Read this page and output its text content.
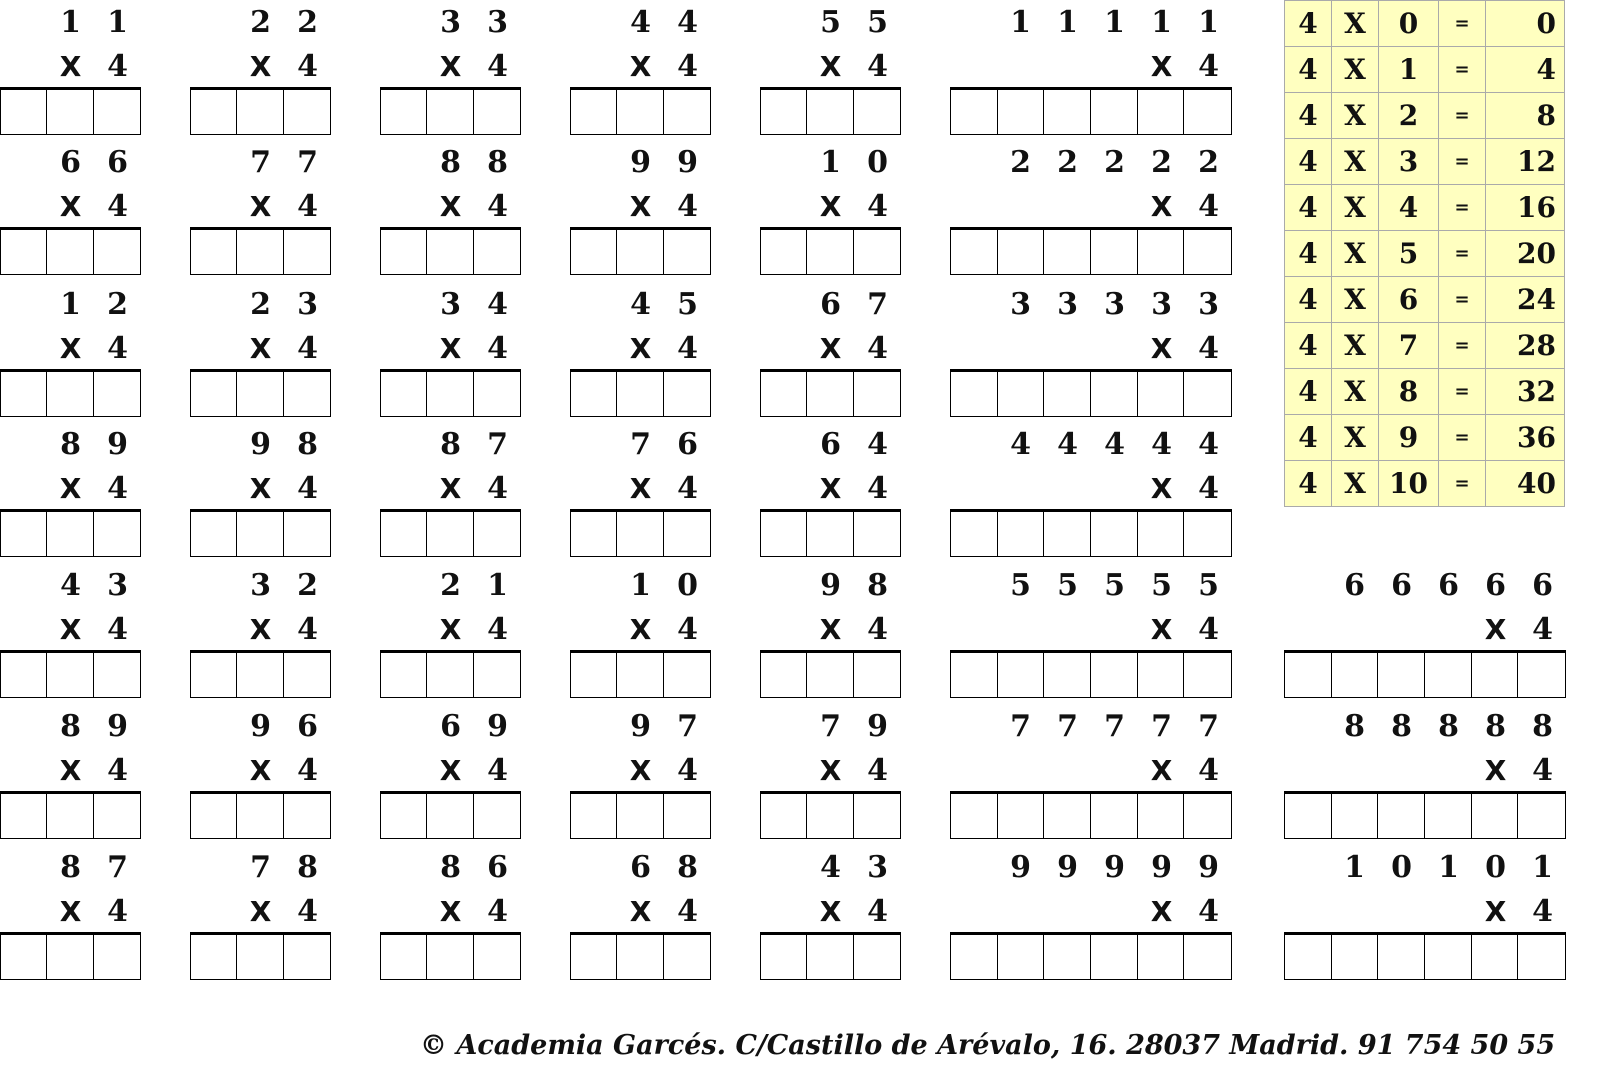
4	X	0	=	0
4	X	1	=	4
4	X	2	=	8
4	X	3	=	12
4	X	4	=	16
4	X	5	=	20
4	X	6	=	24
4	X	7	=	28
4	X	8	=	32
4	X	9	=	36
4	X	10	=	40
© Academia Garcés. C/Castillo de Arévalo, 16. 28037 Madrid. 91 754 50 55
1 1
X 4
2 2
X 4
3 3
X 4
4 4
X 4
5 5
X 4
1 1 1 1 1
X 4
6 6
X 4
7 7
X 4
8 8
X 4
9 9
X 4
1 0
X 4
2 2 2 2 2
X 4
1 2
X 4
2 3
X 4
3 4
X 4
4 5
X 4
6 7
X 4
3 3 3 3 3
X 4
8 9
X 4
9 8
X 4
8 7
X 4
7 6
X 4
6 4
X 4
4 4 4 4 4
X 4
4 3
X 4
3 2
X 4
2 1
X 4
1 0
X 4
9 8
X 4
5 5 5 5 5
X 4
6 6 6 6 6
X 4
8 9
X 4
9 6
X 4
6 9
X 4
9 7
X 4
7 9
X 4
7 7 7 7 7
X 4
8 8 8 8 8
X 4
8 7
X 4
7 8
X 4
8 6
X 4
6 8
X 4
4 3
X 4
9 9 9 9 9
X 4
1 0 1 0 1
X 4
